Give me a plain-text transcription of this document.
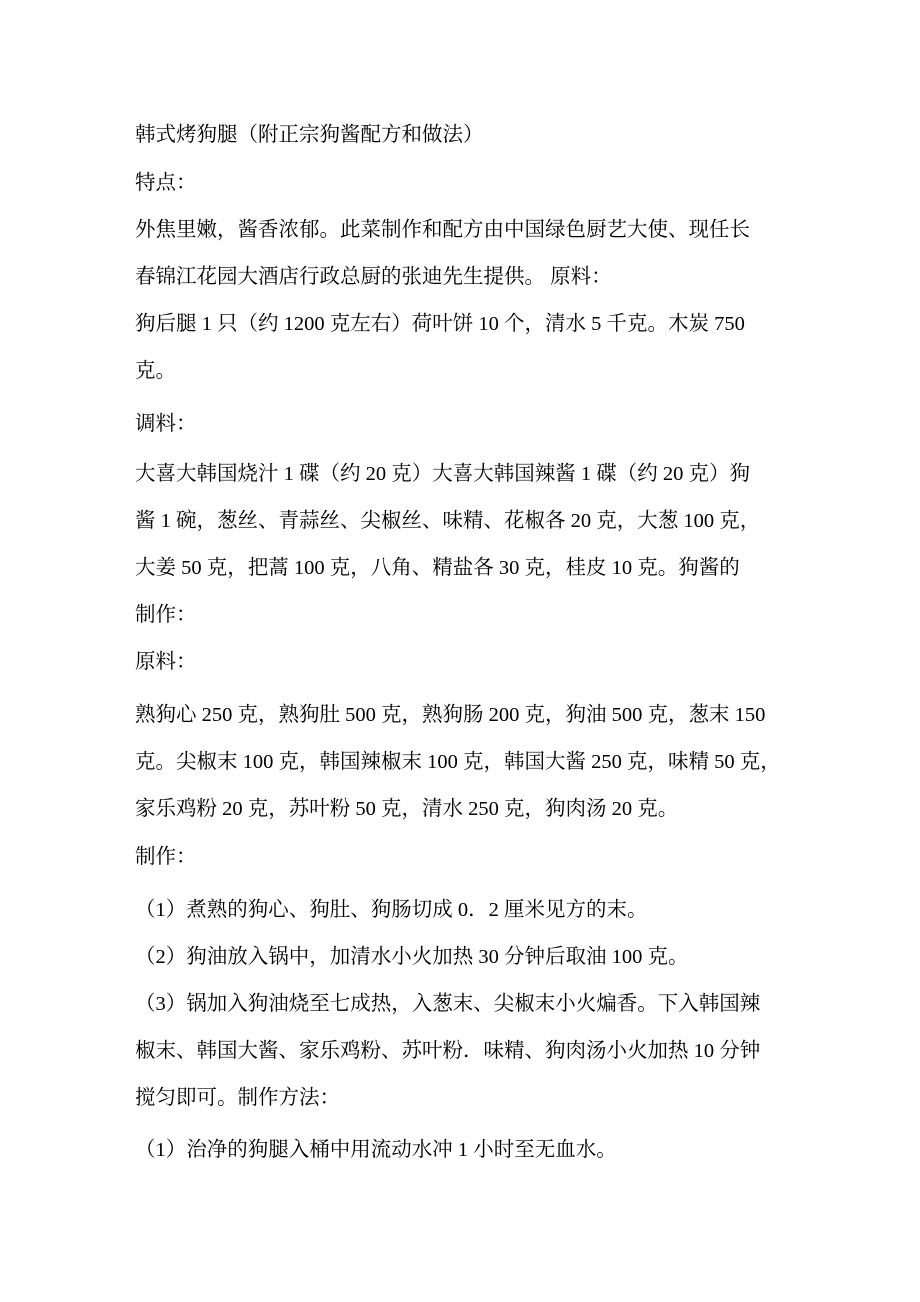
韩式烤狗腿（附正宗狗酱配方和做法）
特点：
外焦里嫩，酱香浓郁。此菜制作和配方由中国绿色厨艺大使、现任长
春锦江花园大酒店行政总厨的张迪先生提供。 原料：
狗后腿 1 只（约 1200 克左右）荷叶饼 10 个，清水 5 千克。木炭 750
克。
调料：
大喜大韩国烧汁 1 碟（约 20 克）大喜大韩国辣酱 1 碟（约 20 克）狗
酱 1 碗，葱丝、青蒜丝、尖椒丝、味精、花椒各 20 克，大葱 100 克，
大姜 50 克，把蒿 100 克，八角、精盐各 30 克，桂皮 10 克。狗酱的
制作：
原料：
熟狗心 250 克，熟狗肚 500 克，熟狗肠 200 克，狗油 500 克，葱末 150
克。尖椒末 100 克，韩国辣椒末 100 克，韩国大酱 250 克，味精 50 克，
家乐鸡粉 20 克，苏叶粉 50 克，清水 250 克，狗肉汤 20 克。
制作：
（1）煮熟的狗心、狗肚、狗肠切成 0．2 厘米见方的末。
（2）狗油放入锅中，加清水小火加热 30 分钟后取油 100 克。
（3）锅加入狗油烧至七成热，入葱末、尖椒末小火煸香。下入韩国辣
椒末、韩国大酱、家乐鸡粉、苏叶粉．味精、狗肉汤小火加热 10 分钟
搅匀即可。制作方法：
（1）治净的狗腿入桶中用流动水冲 1 小时至无血水。
